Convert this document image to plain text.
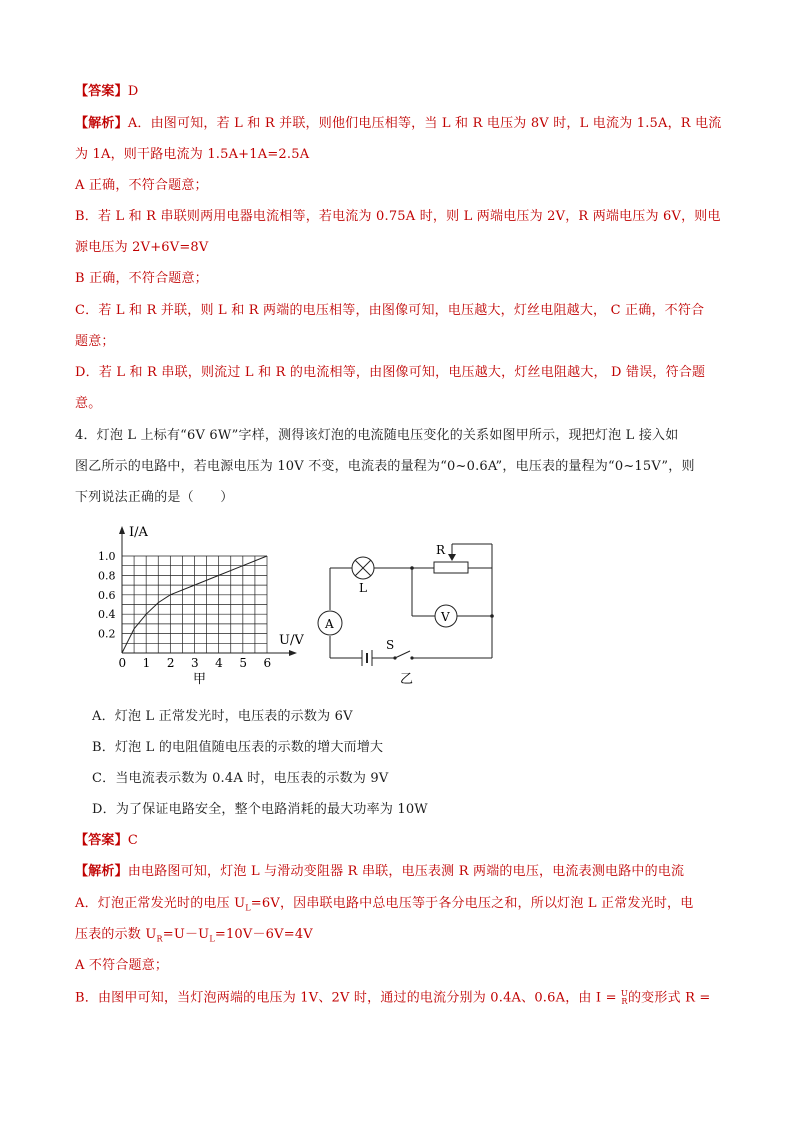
【答案】D
【解析】A．由图可知，若 L 和 R 并联，则他们电压相等，当 L 和 R 电压为 8V 时，L 电流为 1.5A，R 电流
为 1A，则干路电流为 1.5A+1A=2.5A
A 正确，不符合题意；
B．若 L 和 R 串联则两用电器电流相等，若电流为 0.75A 时，则 L 两端电压为 2V，R 两端电压为 6V，则电
源电压为 2V+6V=8V
B 正确，不符合题意；
C．若 L 和 R 并联，则 L 和 R 两端的电压相等，由图像可知，电压越大，灯丝电阻越大， C 正确，不符合
题意；
D．若 L 和 R 串联，则流过 L 和 R 的电流相等，由图像可知，电压越大，灯丝电阻越大， D 错误，符合题
意。
4．灯泡 L 上标有“6V 6W”字样，测得该灯泡的电流随电压变化的关系如图甲所示，现把灯泡 L 接入如
图乙所示的电路中，若电源电压为 10V 不变，电流表的量程为“0~0.6A”，电压表的量程为“0~15V”，则
下列说法正确的是（　　）
0 1 2 3 4 5 6
0.2
0.4
0.6
0.8
1.0
I/A
U/V
甲
R
L
A	V
S
乙
A．灯泡 L 正常发光时，电压表的示数为 6V
B．灯泡 L 的电阻值随电压表的示数的增大而增大
C．当电流表示数为 0.4A 时，电压表的示数为 9V
D．为了保证电路安全，整个电路消耗的最大功率为 10W
【答案】C
【解析】由电路图可知，灯泡 L 与滑动变阻器 R 串联，电压表测 R 两端的电压，电流表测电路中的电流
A．灯泡正常发光时的电压 $U_L=6V$，因串联电路中总电压等于各分电压之和，所以灯泡 L 正常发光时，电
压表的示数 $U_R=U-U_L=10V-6V=4V$
A 不符合题意；
B．由图甲可知，当灯泡两端的电压为 1V、2V 时，通过的电流分别为 0.4A、0.6A，由 I = U
R 的变形式 R =
